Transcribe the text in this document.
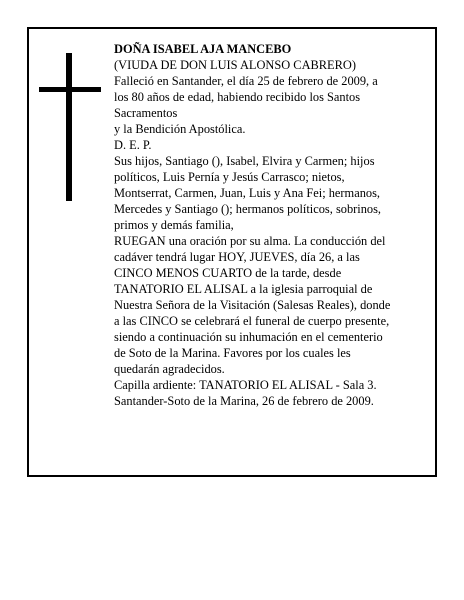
DOÑA ISABEL AJA MANCEBO

(VIUDA DE DON LUIS ALONSO CABRERO)

Falleció en Santander, el día 25 de febrero de 2009, a

los 80 años de edad, habiendo recibido los Santos

Sacramentos

y la Bendición Apostólica.

D. E. P.

Sus hijos, Santiago (), Isabel, Elvira y Carmen; hijos

políticos, Luis Pernía y Jesús Carrasco; nietos,

Montserrat, Carmen, Juan, Luis y Ana Fei; hermanos,

Mercedes y Santiago (); hermanos políticos, sobrinos,

primos y demás familia,

RUEGAN una oración por su alma. La conducción del

cadáver tendrá lugar HOY, JUEVES, día 26, a las

CINCO MENOS CUARTO de la tarde, desde

TANATORIO EL ALISAL a la iglesia parroquial de

Nuestra Señora de la Visitación (Salesas Reales), donde

a las CINCO se celebrará el funeral de cuerpo presente,

siendo a continuación su inhumación en el cementerio

de Soto de la Marina. Favores por los cuales les

quedarán agradecidos.

Capilla ardiente: TANATORIO EL ALISAL - Sala 3.

Santander-Soto de la Marina, 26 de febrero de 2009.
